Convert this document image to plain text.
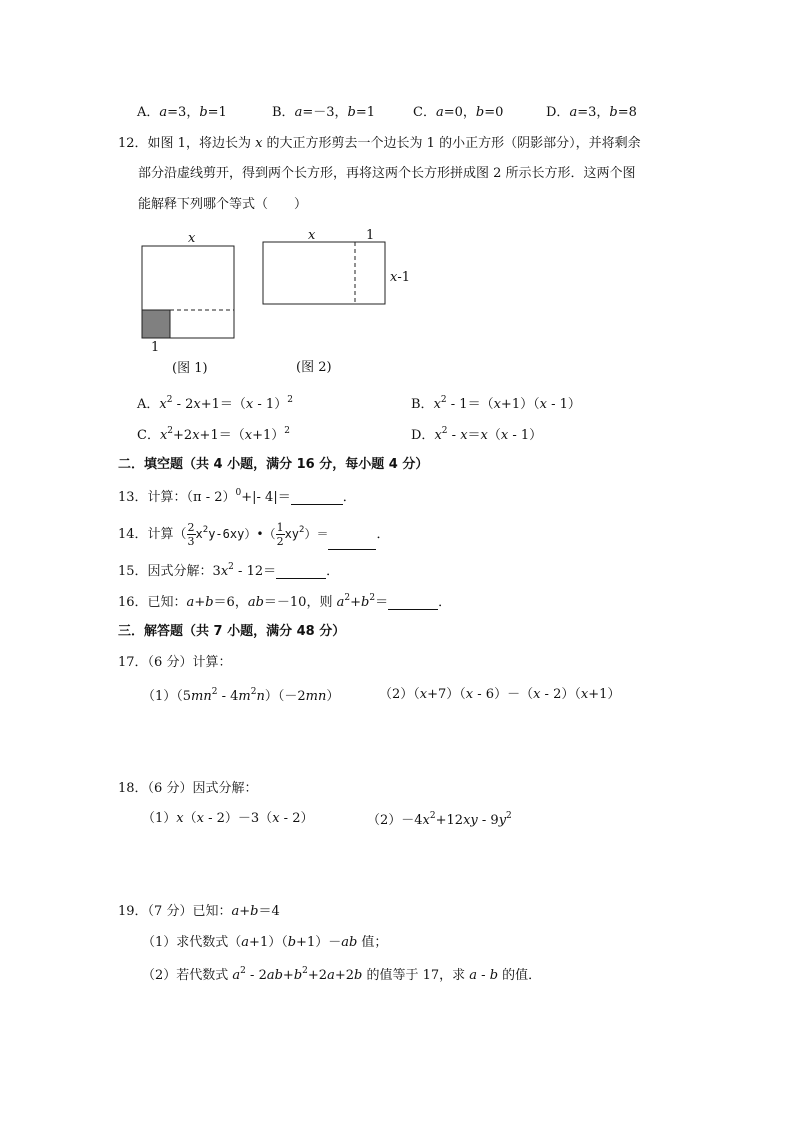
A．a=3，b=1	B．a=－3，b=1	C．a=0，b=0	D．a=3，b=8
12．如图 1，将边长为 x 的大正方形剪去一个边长为 1 的小正方形（阴影部分），并将剩余
部分沿虚线剪开，得到两个长方形，再将这两个长方形拼成图 2 所示长方形．这两个图
能解释下列哪个等式（　　）
x
1
x	1
x-1
(图 1)	(图 2)
A．$x^2 - 2x+1=(x - 1)^2$	B．$x^2 - 1=(x+1)(x - 1)$
C．$x^2+2x+1=(x+1)^2$	D．$x^2 - x=x(x - 1)$
二．填空题（共 4 小题，满分 16 分，每小题 4 分）
13．计算：（π - 2）$^0$+|- 4|＝	．
14．计算（ $\frac{2}{3}$ $x^2y-6xy)•( \frac{1}{2} xy^2)=$	．
15．因式分解：$3x^2 - 12=$	．
16．已知：a+b＝6，ab＝－10，则 $a^2+b^2=$	．
三．解答题（共 7 小题，满分 48 分）
17．（6 分）计算：
$(1)(5mn^2 - 4m^2n)(-2mn)$	（2）（x+7）（x - 6）－（x - 2）（x+1）
18．（6 分）因式分解：
（1）x（x - 2）－3（x - 2）	$(2)-4x^2+12xy - 9y^2$
19．（7 分）已知：a+b＝4
（1）求代数式（a+1）（b+1）－ab 值；
（2）若代数式 $a^2 - 2ab+b^2+2a+2b$ 的值等于 17，求 a - b 的值．
